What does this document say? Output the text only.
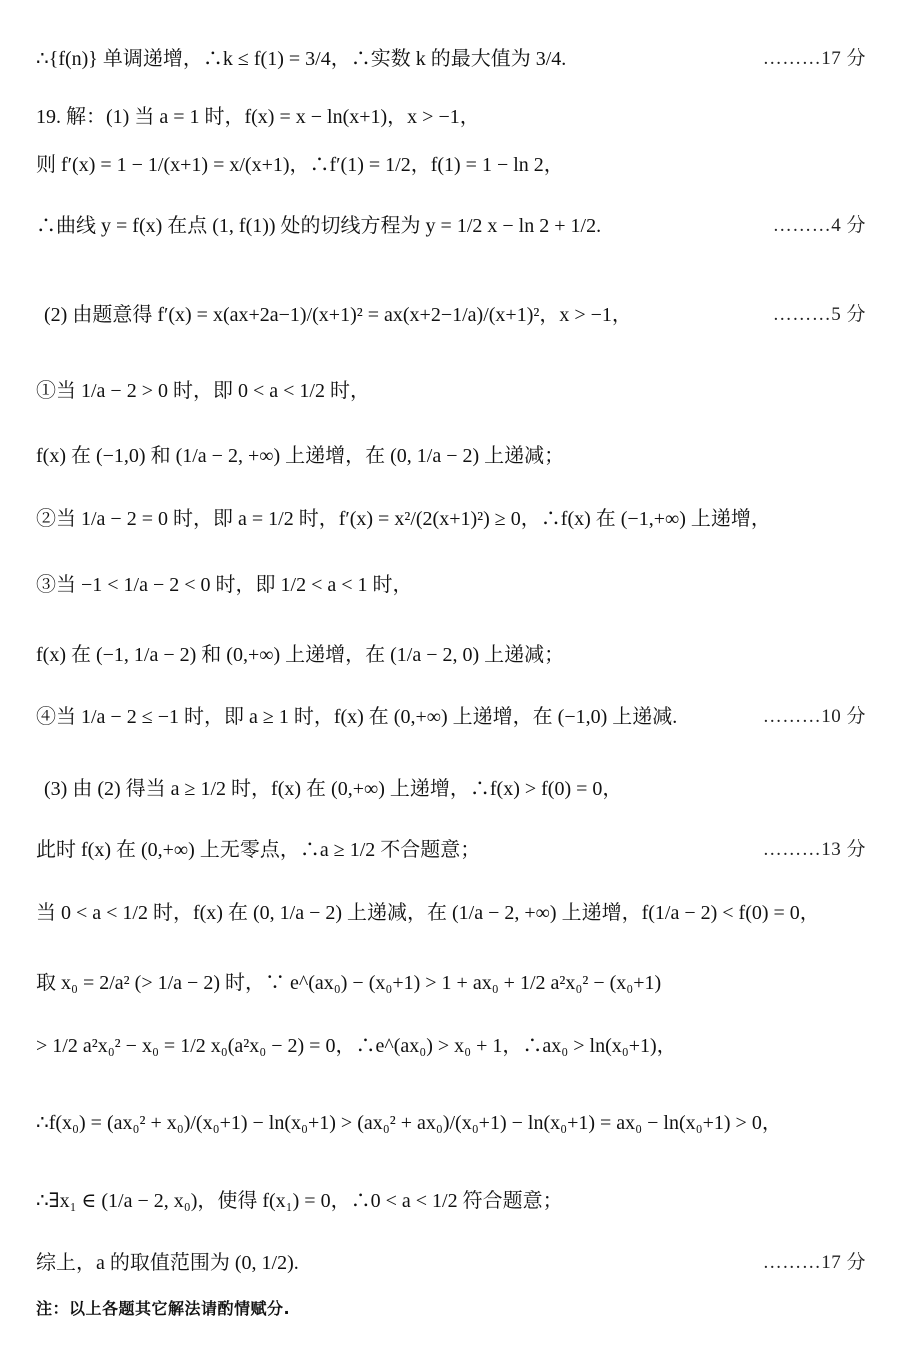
∴{f(n)} 单调递增，∴k ≤ f(1) = 3/4，∴实数 k 的最大值为 3/4.	………17 分
19. 解：(1) 当 a = 1 时，f(x) = x − ln(x+1)，x > −1，
则 f′(x) = 1 − 1/(x+1) = x/(x+1)，∴f′(1) = 1/2，f(1) = 1 − ln 2，
∴曲线 y = f(x) 在点 (1, f(1)) 处的切线方程为 y = 1/2 x − ln 2 + 1/2.	………4 分
(2) 由题意得 f′(x) = x(ax+2a−1)/(x+1)² = ax(x+2−1/a)/(x+1)²，x > −1，	………5 分
①当 1/a − 2 > 0 时，即 0 < a < 1/2 时，
f(x) 在 (−1,0) 和 (1/a − 2, +∞) 上递增，在 (0, 1/a − 2) 上递减；
②当 1/a − 2 = 0 时，即 a = 1/2 时，f′(x) = x²/(2(x+1)²) ≥ 0，∴f(x) 在 (−1,+∞) 上递增，
③当 −1 < 1/a − 2 < 0 时，即 1/2 < a < 1 时，
f(x) 在 (−1, 1/a − 2) 和 (0,+∞) 上递增，在 (1/a − 2, 0) 上递减；
④当 1/a − 2 ≤ −1 时，即 a ≥ 1 时，f(x) 在 (0,+∞) 上递增，在 (−1,0) 上递减.	………10 分
(3) 由 (2) 得当 a ≥ 1/2 时，f(x) 在 (0,+∞) 上递增，∴f(x) > f(0) = 0，
此时 f(x) 在 (0,+∞) 上无零点，∴a ≥ 1/2 不合题意；	………13 分
当 0 < a < 1/2 时，f(x) 在 (0, 1/a − 2) 上递减，在 (1/a − 2, +∞) 上递增，f(1/a − 2) < f(0) = 0，
取 x₀ = 2/a² (> 1/a − 2) 时，∵ e^(ax₀) − (x₀+1) > 1 + ax₀ + 1/2 a²x₀² − (x₀+1)
> 1/2 a²x₀² − x₀ = 1/2 x₀(a²x₀ − 2) = 0，∴e^(ax₀) > x₀ + 1，∴ax₀ > ln(x₀+1)，
∴f(x₀) = (ax₀² + x₀)/(x₀+1) − ln(x₀+1) > (ax₀² + ax₀)/(x₀+1) − ln(x₀+1) = ax₀ − ln(x₀+1) > 0，
∴∃x₁ ∈ (1/a − 2, x₀)，使得 f(x₁) = 0，∴0 < a < 1/2 符合题意；
综上，a 的取值范围为 (0, 1/2).	………17 分
注：以上各题其它解法请酌情赋分.
